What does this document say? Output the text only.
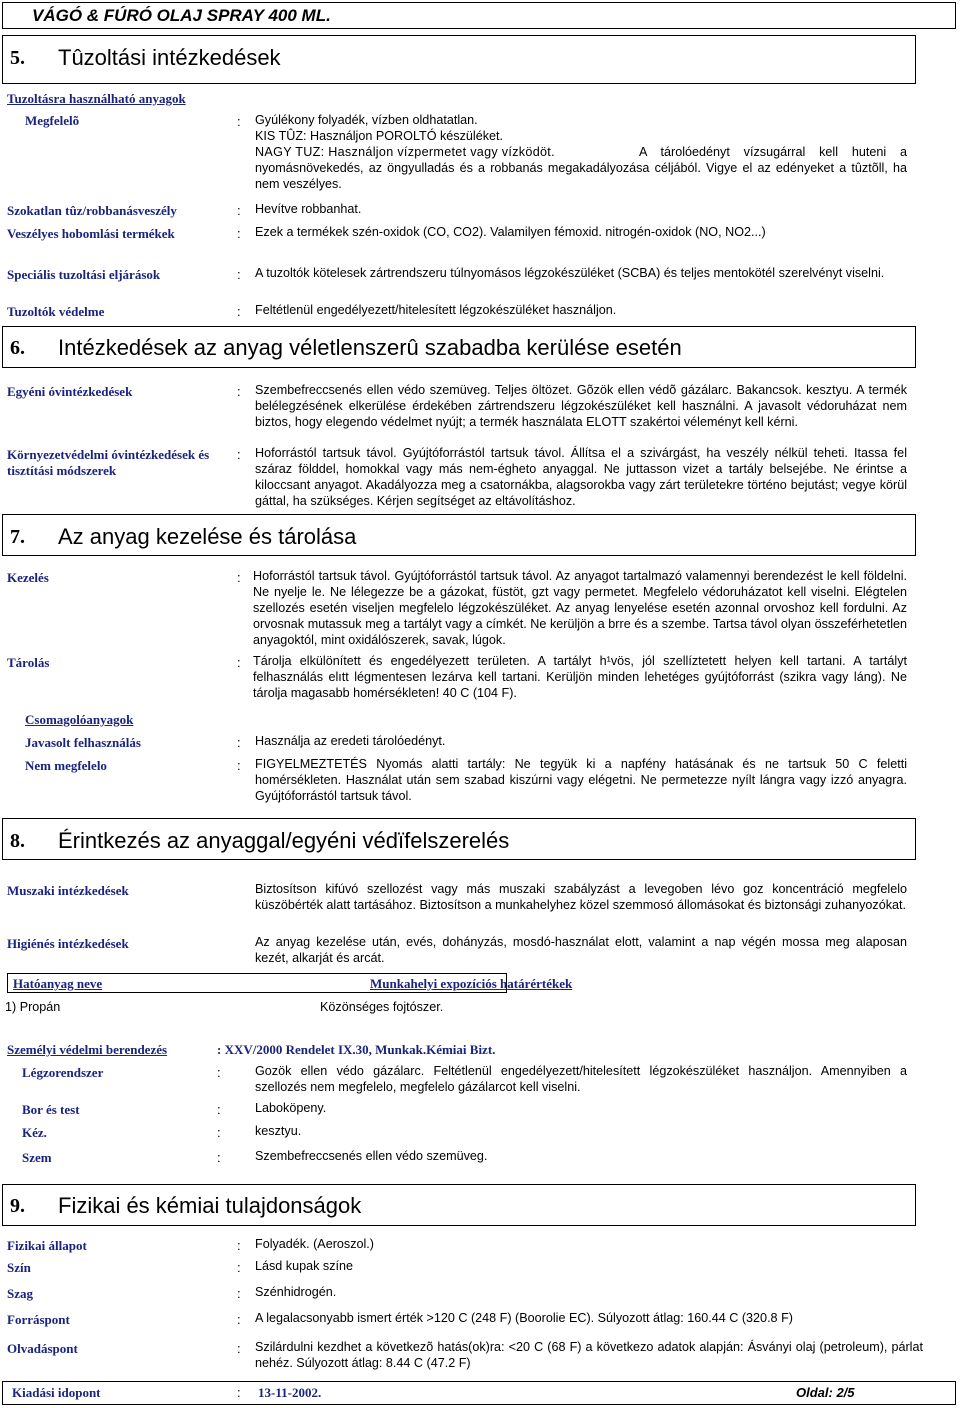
VÁGÓ & FÚRÓ OLAJ SPRAY 400 ML.
5. Tûzoltási intézkedések
Tuzoltásra használható anyagok
Megfelelõ	: Gyúlékony folyadék, vízben oldhatatlan.
KIS TÛZ: Használjon POROLTÓ készüléket.
NAGY TUZ: Használjon vízpermetet vagy vízködöt.	A tárolóedényt vízsugárral kell huteni a nyomásnövekedés, az öngyulladás és a robbanás megakadályozása céljából. Vigye el az edényeket a tûztõll, ha nem veszélyes.
Szokatlan tûz/robbanásveszély	: Hevítve robbanhat.
Veszélyes hobomlási termékek	: Ezek a termékek szén-oxidok (CO, CO2). Valamilyen fémoxid. nitrogén-oxidok (NO, NO2...)
Speciális tuzoltási eljárások	: A tuzoltók kötelesek zártrendszeru túlnyomásos légzokészüléket (SCBA) és teljes mentokötél szerelvényt viselni.
Tuzoltók védelme	: Feltétlenül engedélyezett/hitelesített légzokészüléket használjon.
6. Intézkedések az anyag véletlenszerû szabadba kerülése esetén
Egyéni óvintézkedések	: Szembefreccsenés ellen védo szemüveg. Teljes öltözet. Gõzök ellen védõ gázálarc. Bakancsok. kesztyu. A termék belélegzésének elkerülése érdekében zártrendszeru légzokészüléket kell használni. A javasolt védoruházat nem biztos, hogy elegendo védelmet nyújt; a termék használata ELOTT szakértoi véleményt kell kérni.
Környezetvédelmi óvintézkedések és
tisztítási módszerek
: Hoforrástól tartsuk távol. Gyújtóforrástól tartsuk távol. Állítsa el a szivárgást, ha veszély nélkül teheti. Itassa fel száraz földdel, homokkal vagy más nem-égheto anyaggal. Ne juttasson vizet a tartály belsejébe. Ne érintse a kiloccsant anyagot. Akadályozza meg a csatornákba, alagsorokba vagy zárt területekre történo bejutást; vegye körül gáttal, ha szükséges. Kérjen segítséget az eltávolításhoz.
7. Az anyag kezelése és tárolása
Kezelés	: Hoforrástól tartsuk távol. Gyújtóforrástól tartsuk távol. Az anyagot tartalmazó valamennyi berendezést le kell földelni. Ne nyelje le. Ne lélegezze be a gázokat, füstöt, gzt vagy permetet. Megfelelo védoruházatot kell viselni. Elégtelen szellozés esetén viseljen megfelelo légzokészüléket. Az anyag lenyelése esetén azonnal orvoshoz kell fordulni. Az orvosnak mutassuk meg a tartályt vagy a címkét. Ne kerüljön a brre és a szembe. Tartsa távol olyan összeférhetetlen anyagoktól, mint oxidálószerek, savak, lúgok.
Tárolás	: Tárolja elkülönített és engedélyezett területen. A tartályt h¹vös, jól szellíztetett helyen kell tartani. A tartályt felhasználás elıtt légmentesen lezárva kell tartani. Kerüljön minden lehetéges gyújtóforrást (szikra vagy láng). Ne tárolja magasabb homérsékleten! 40 C (104 F).
Csomagolóanyagok
Javasolt felhasználás	: Használja az eredeti tárolóedényt.
Nem megfelelo	: FIGYELMEZTETÉS Nyomás alatti tartály: Ne tegyük ki a napfény hatásának és ne tartsuk 50 C feletti homérsékleten. Használat után sem szabad kiszúrni vagy elégetni. Ne permetezze nyílt lángra vagy izzó anyagra. Gyújtóforrástól tartsuk távol.
8. Érintkezés az anyaggal/egyéni védïfelszerelés
Muszaki intézkedések	Biztosítson kifúvó szellozést vagy más muszaki szabályzást a levegoben lévo goz koncentráció megfelelo küszöbérték alatt tartásához. Biztosítson a munkahelyhez közel szemmosó állomásokat és biztonsági zuhanyozókat.
Higiénés intézkedések	Az anyag kezelése után, evés, dohányzás, mosdó-használat elott, valamint a nap végén mossa meg alaposan kezét, alkarját és arcát.
Hatóanyag neve	Munkahelyi expozíciós határértékek
1) Propán	Közönséges fojtószer.
Személyi védelmi berendezés	: XXV/2000 Rendelet IX.30, Munkak.Kémiai Bizt.
Légzorendszer	:	Gozök ellen védo gázálarc. Feltétlenül engedélyezett/hitelesített légzokészüléket használjon. Amennyiben a szellozés nem megfelelo, megfelelo gázálarcot kell viselni.
Bor és test	:	Laboköpeny.
Kéz.	:	kesztyu.
Szem	:	Szembefreccsenés ellen védo szemüveg.
9. Fizikai és kémiai tulajdonságok
Fizikai állapot	: Folyadék. (Aeroszol.)
Szín	: Lásd kupak színe
Szag	: Szénhidrogén.
Forráspont	: A legalacsonyabb ismert érték >120 C (248 F) (Boorolie EC). Súlyozott átlag: 160.44 C (320.8 F)
Olvadáspont	: Szilárdulni kezdhet a következõ hatás(ok)ra: <20 C (68 F) a következo adatok alapján: Ásványi olaj (petroleum), párlat nehéz. Súlyozott átlag: 8.44 C (47.2 F)
Kiadási idopont	: 13-11-2002.	Oldal: 2/5
